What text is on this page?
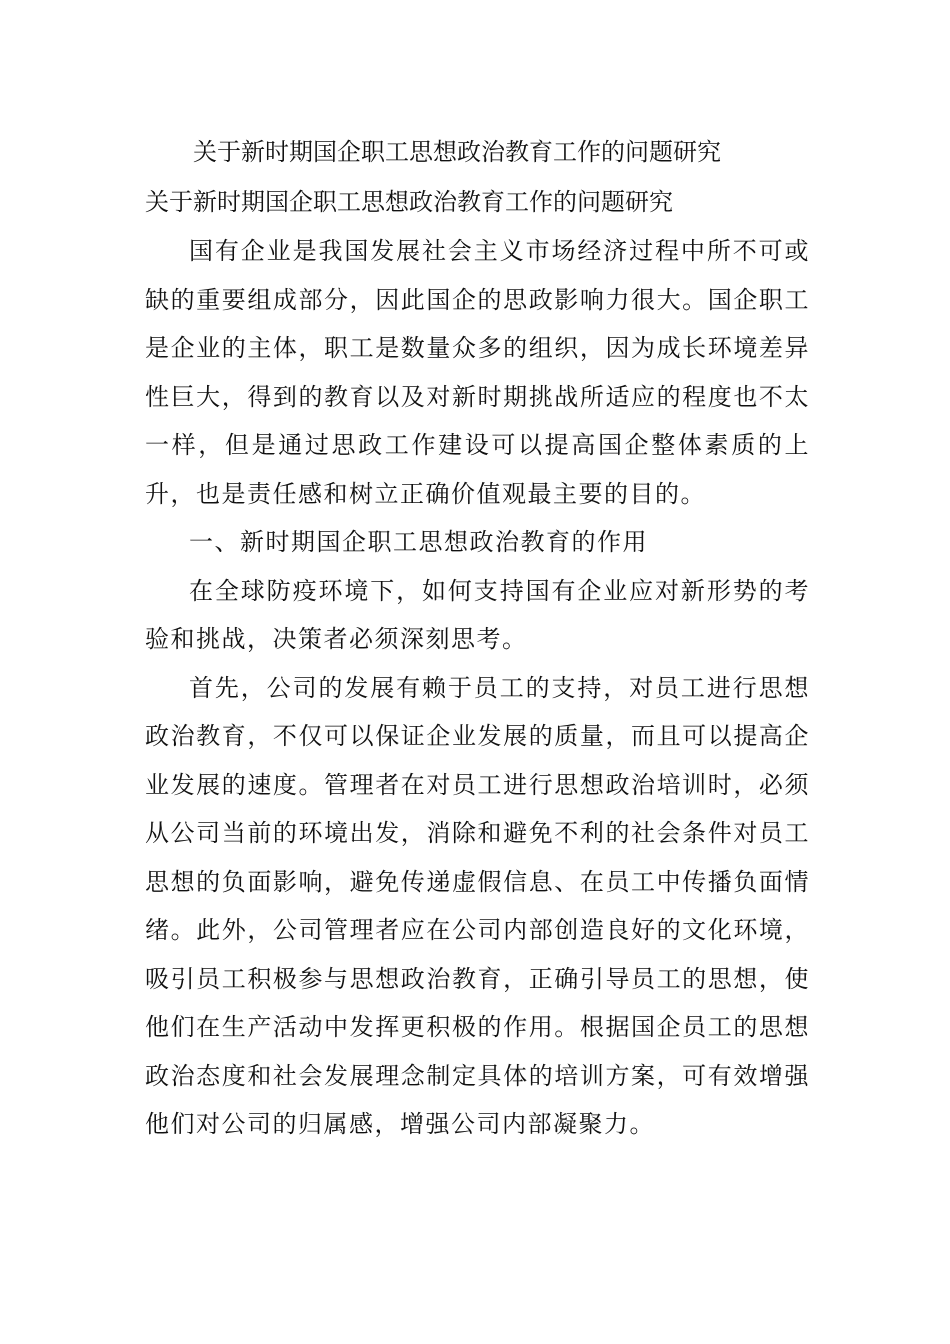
关于新时期国企职工思想政治教育工作的问题研究
关于新时期国企职工思想政治教育工作的问题研究

国有企业是我国发展社会主义市场经济过程中所不可或缺的重要组成部分，因此国企的思政影响力很大。国企职工是企业的主体，职工是数量众多的组织，因为成长环境差异性巨大，得到的教育以及对新时期挑战所适应的程度也不太一样，但是通过思政工作建设可以提高国企整体素质的上升，也是责任感和树立正确价值观最主要的目的。

一、新时期国企职工思想政治教育的作用

在全球防疫环境下，如何支持国有企业应对新形势的考验和挑战，决策者必须深刻思考。

首先，公司的发展有赖于员工的支持，对员工进行思想政治教育，不仅可以保证企业发展的质量，而且可以提高企业发展的速度。管理者在对员工进行思想政治培训时，必须从公司当前的环境出发，消除和避免不利的社会条件对员工思想的负面影响，避免传递虚假信息、在员工中传播负面情绪。此外，公司管理者应在公司内部创造良好的文化环境，吸引员工积极参与思想政治教育，正确引导员工的思想，使他们在生产活动中发挥更积极的作用。根据国企员工的思想政治态度和社会发展理念制定具体的培训方案，可有效增强他们对公司的归属感，增强公司内部凝聚力。
